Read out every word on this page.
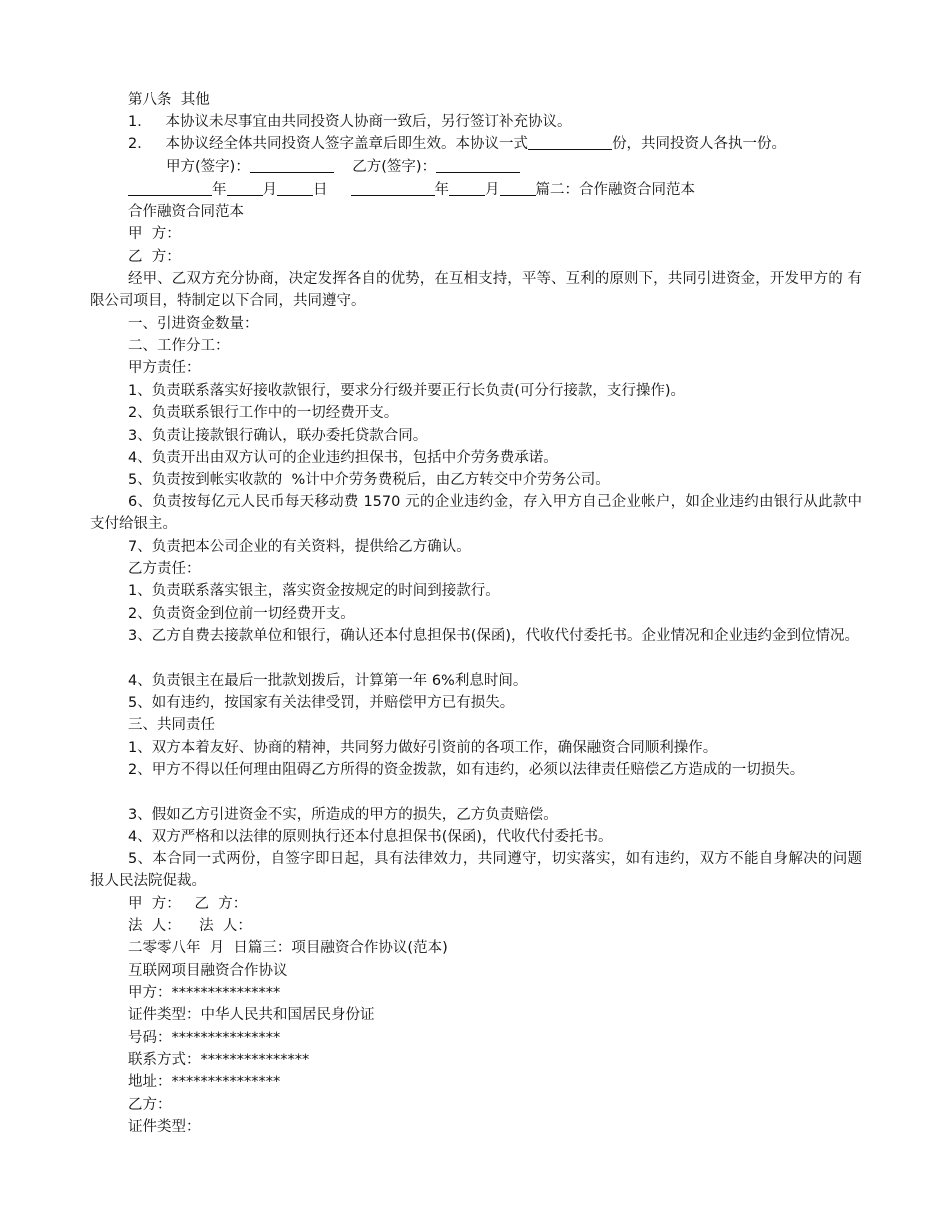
第八条  其他
1．   本协议未尽事宜由共同投资人协商一致后，另行签订补充协议。
2．   本协议经全体共同投资人签字盖章后即生效。本协议一式	份，共同投资人各执一份。
甲方(签字)：	乙方(签字)：
年 月 日	年 月 篇二：合作融资合同范本
合作融资合同范本
甲  方：
乙  方：
经甲、乙双方充分协商，决定发挥各自的优势，在互相支持，平等、互利的原则下，共同引进资金，开发甲方的 有限公司项目，特制定以下合同，共同遵守。
一、引进资金数量：
二、工作分工：
甲方责任：
1、负责联系落实好接收款银行，要求分行级并要正行长负责(可分行接款，支行操作)。
2、负责联系银行工作中的一切经费开支。
3、负责让接款银行确认，联办委托贷款合同。
4、负责开出由双方认可的企业违约担保书，包括中介劳务费承诺。
5、负责按到帐实收款的  %计中介劳务费税后，由乙方转交中介劳务公司。
6、负责按每亿元人民币每天移动费 1570 元的企业违约金，存入甲方自己企业帐户，如企业违约由银行从此款中支付给银主。
7、负责把本公司企业的有关资料，提供给乙方确认。
乙方责任：
1、负责联系落实银主，落实资金按规定的时间到接款行。
2、负责资金到位前一切经费开支。
3、乙方自费去接款单位和银行，确认还本付息担保书(保函)，代收代付委托书。企业情况和企业违约金到位情况。
4、负责银主在最后一批款划拨后，计算第一年 6%利息时间。
5、如有违约，按国家有关法律受罚，并赔偿甲方已有损失。
三、共同责任
1、双方本着友好、协商的精神，共同努力做好引资前的各项工作，确保融资合同顺利操作。
2、甲方不得以任何理由阻碍乙方所得的资金拨款，如有违约，必须以法律责任赔偿乙方造成的一切损失。
3、假如乙方引进资金不实，所造成的甲方的损失，乙方负责赔偿。
4、双方严格和以法律的原则执行还本付息担保书(保函)，代收代付委托书。
5、本合同一式两份，自签字即日起，具有法律效力，共同遵守，切实落实，如有违约，双方不能自身解决的问题报人民法院促裁。
甲  方：   乙  方：
法  人：    法  人：
二零零八年  月  日篇三：项目融资合作协议(范本)
互联网项目融资合作协议
甲方：***************
证件类型：中华人民共和国居民身份证
号码：***************
联系方式：***************
地址：***************
乙方：
证件类型：
